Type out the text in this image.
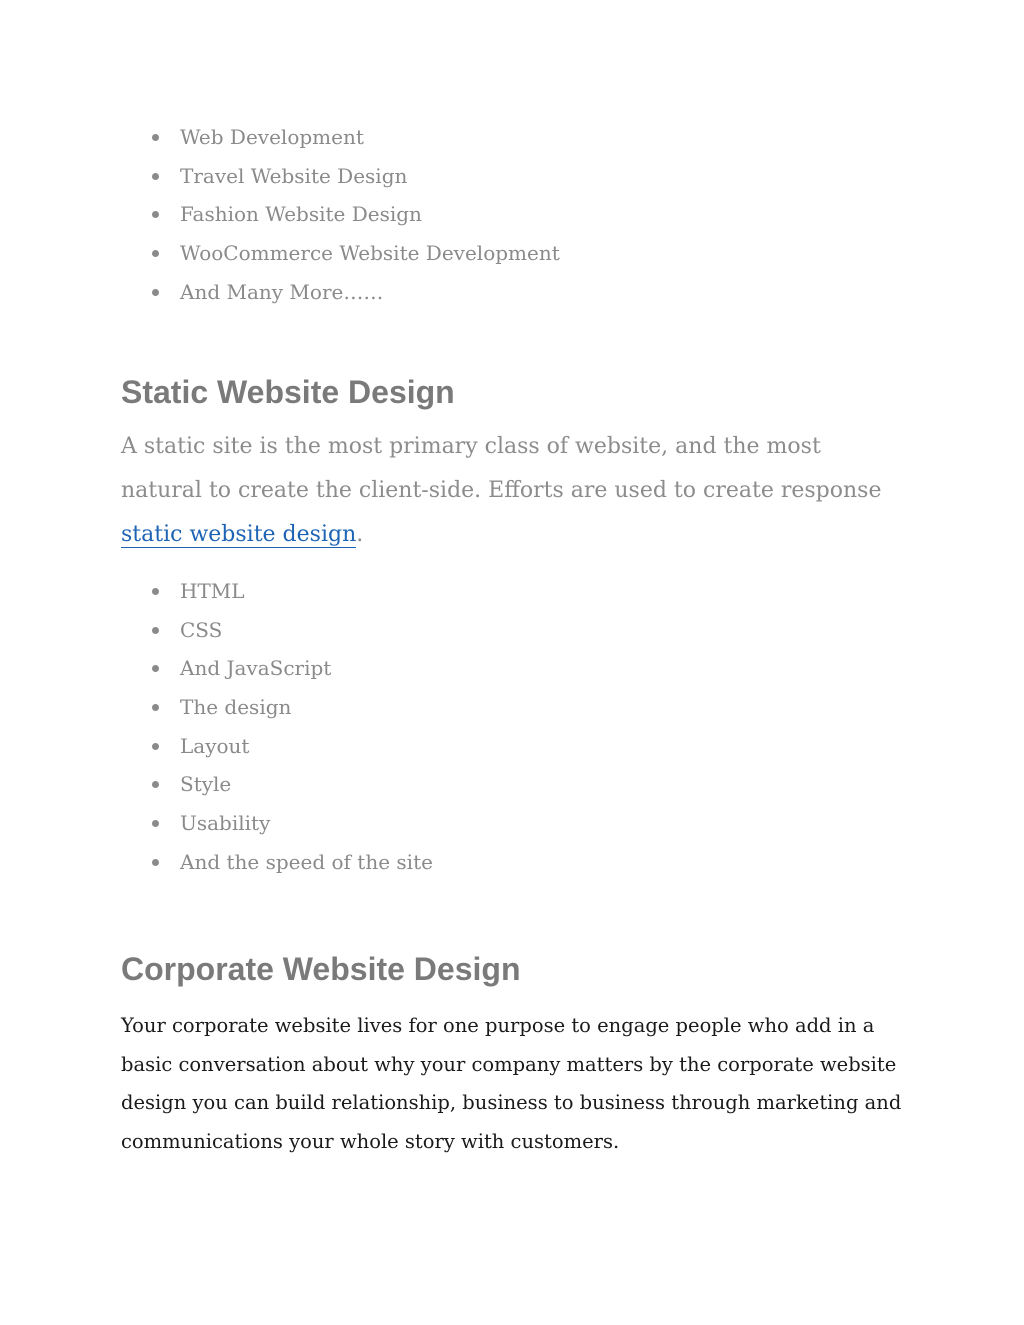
Web Development
Travel Website Design
Fashion Website Design
WooCommerce Website Development
And Many More……
Static Website Design

A static site is the most primary class of website, and the most natural to create the client-side. Efforts are used to create response static website design.

HTML
CSS
And JavaScript
The design
Layout
Style
Usability
And the speed of the site
Corporate Website Design

Your corporate website lives for one purpose to engage people who add in a basic conversation about why your company matters by the corporate website design you can build relationship, business to business through marketing and communications your whole story with customers.
